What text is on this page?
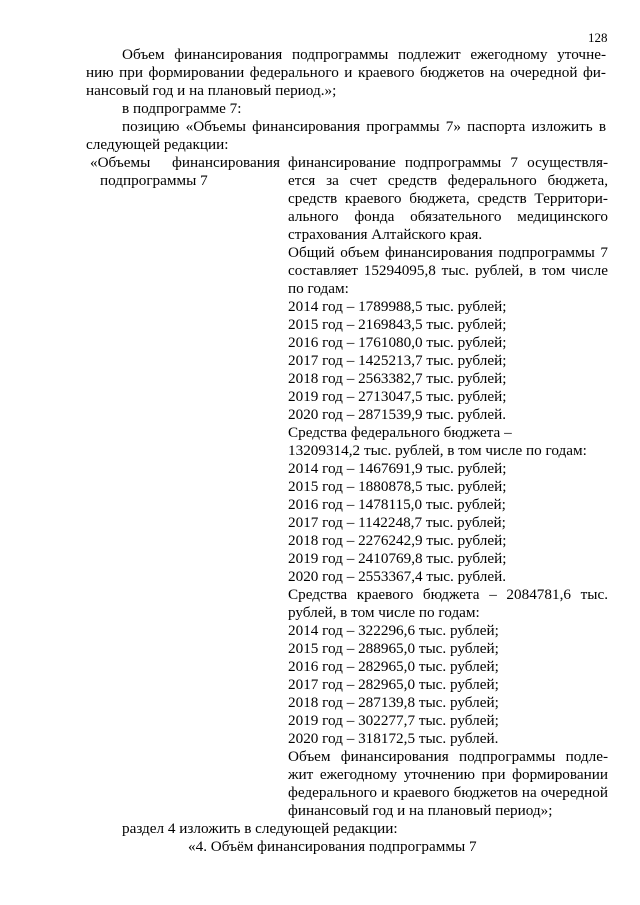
128
Объем финансирования подпрограммы подлежит ежегодному уточне-
нию при формировании федерального и краевого бюджетов на очередной фи-
нансовый год и на плановый период.»;
в подпрограмме 7:
позицию «Объемы финансирования программы 7» паспорта изложить в
следующей редакции:
«Объемы финансирования
подпрограммы 7
финансирование подпрограммы 7 осуществля-
ется за счет средств федерального бюджета,
средств краевого бюджета, средств Территори-
ального фонда обязательного медицинского
страхования Алтайского края.
Общий объем финансирования подпрограммы 7
составляет 15294095,8 тыс. рублей, в том числе
по годам:
2014 год – 1789988,5 тыс. рублей;
2015 год – 2169843,5 тыс. рублей;
2016 год – 1761080,0 тыс. рублей;
2017 год – 1425213,7 тыс. рублей;
2018 год – 2563382,7 тыс. рублей;
2019 год – 2713047,5 тыс. рублей;
2020 год – 2871539,9 тыс. рублей.
Средства федерального бюджета –
13209314,2 тыс. рублей, в том числе по годам:
2014 год – 1467691,9 тыс. рублей;
2015 год – 1880878,5 тыс. рублей;
2016 год – 1478115,0 тыс. рублей;
2017 год – 1142248,7 тыс. рублей;
2018 год – 2276242,9 тыс. рублей;
2019 год – 2410769,8 тыс. рублей;
2020 год – 2553367,4 тыс. рублей.
Средства краевого бюджета – 2084781,6 тыс.
рублей, в том числе по годам:
2014 год – 322296,6 тыс. рублей;
2015 год – 288965,0 тыс. рублей;
2016 год – 282965,0 тыс. рублей;
2017 год – 282965,0 тыс. рублей;
2018 год – 287139,8 тыс. рублей;
2019 год – 302277,7 тыс. рублей;
2020 год – 318172,5 тыс. рублей.
Объем финансирования подпрограммы подле-
жит ежегодному уточнению при формировании
федерального и краевого бюджетов на очередной
финансовый год и на плановый период»;
раздел 4 изложить в следующей редакции:
«4. Объём финансирования подпрограммы 7
